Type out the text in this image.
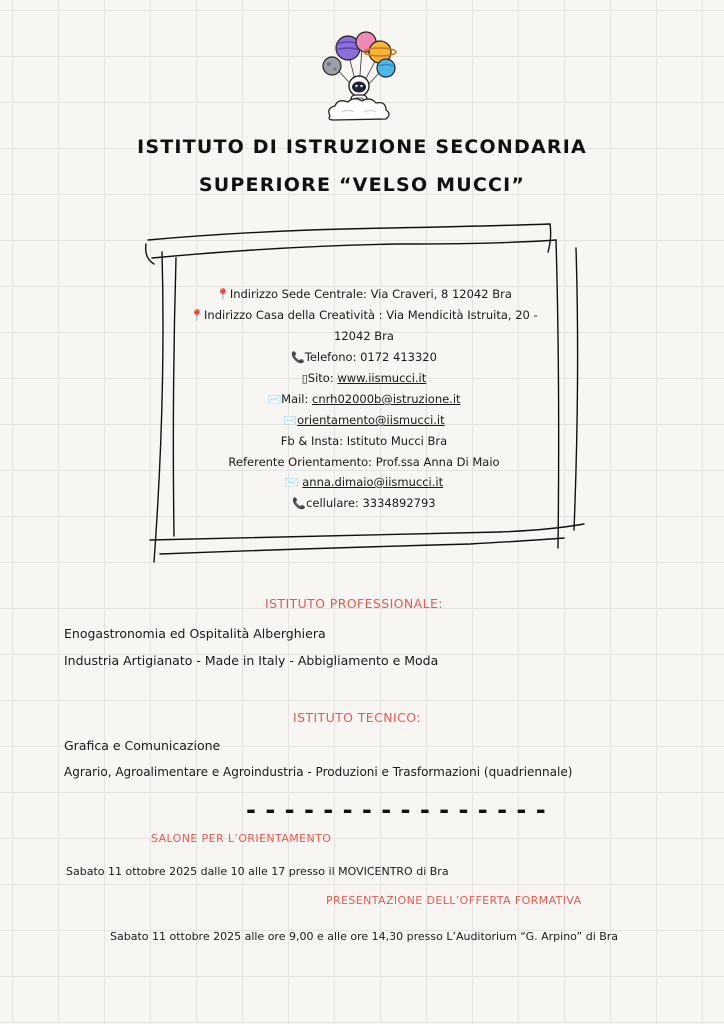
ISTITUTO DI ISTRUZIONE SECONDARIA
SUPERIORE “VELSO MUCCI”
📍Indirizzo Sede Centrale: Via Craveri, 8 12042 Bra
📍Indirizzo Casa della Creatività : Via Mendicità Istruita, 20 - 12042 Bra
📞Telefono: 0172 413320
▯Sito: www.iismucci.it
✉️Mail: cnrh02000b@istruzione.it
✉️orientamento@iismucci.it
Fb & Insta: Istituto Mucci Bra
Referente Orientamento: Prof.ssa Anna Di Maio
✉️ anna.dimaio@iismucci.it
📞cellulare: 3334892793
ISTITUTO PROFESSIONALE:
Enogastronomia ed Ospitalità Alberghiera
Industria Artigianato - Made in Italy - Abbigliamento e Moda
ISTITUTO TECNICO:
Grafica e Comunicazione
Agrario, Agroalimentare e Agroindustria - Produzioni e Trasformazioni (quadriennale)
- - - - - - - - - - - - - - - -
SALONE PER L’ORIENTAMENTO
Sabato 11 ottobre 2025 dalle 10 alle 17 presso il MOVICENTRO di Bra
PRESENTAZIONE DELL’OFFERTA FORMATIVA
Sabato 11 ottobre 2025 alle ore 9,00 e alle ore 14,30 presso L’Auditorium “G. Arpino” di Bra
